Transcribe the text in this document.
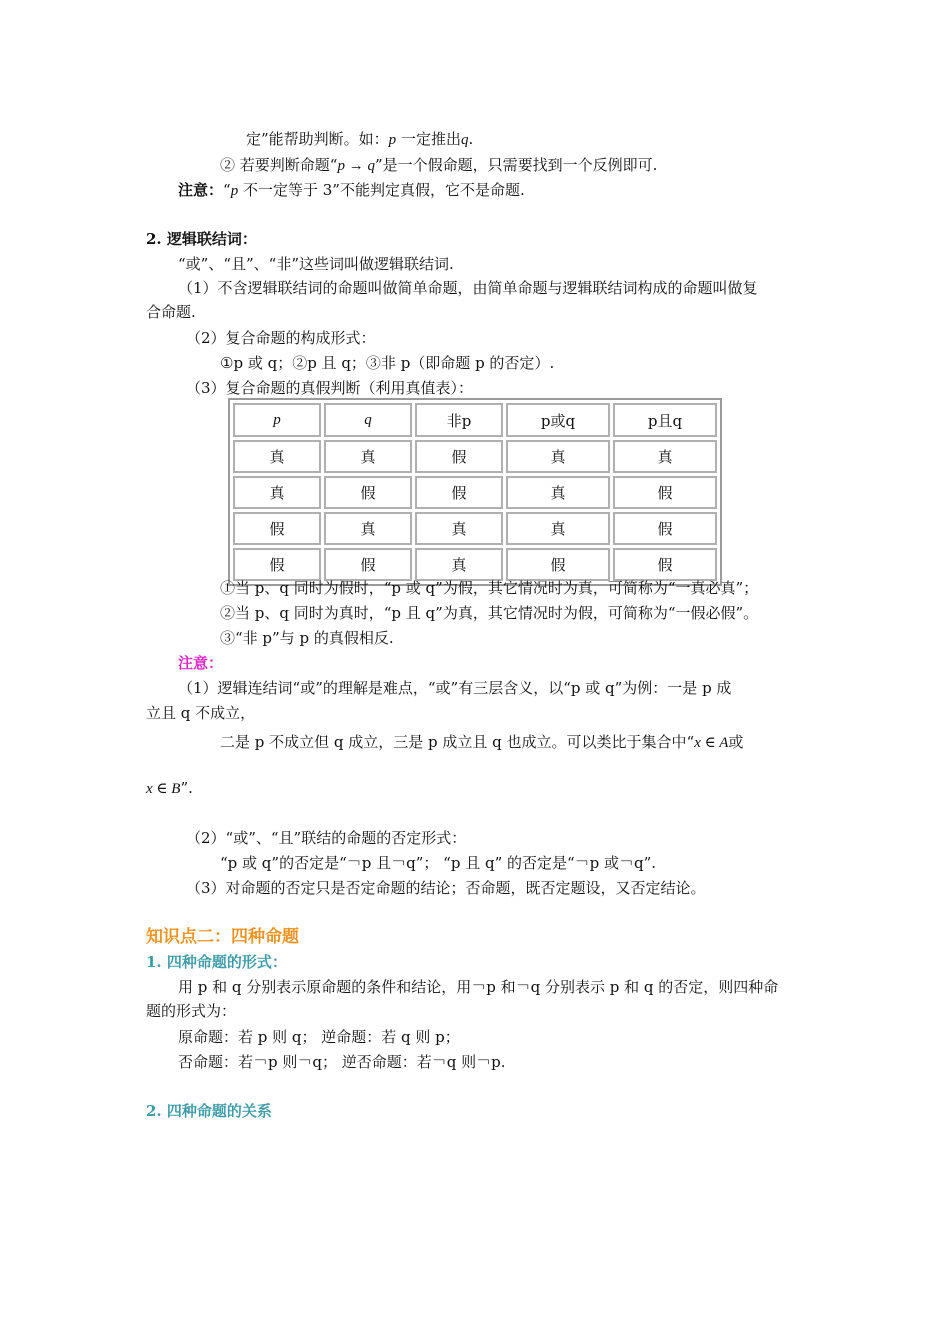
定”能帮助判断。如：p 一定推出q.
② 若要判断命题“p → q”是一个假命题，只需要找到一个反例即可.
注意：“p 不一定等于 3”不能判定真假，它不是命题.
2. 逻辑联结词：
“或”、“且”、“非”这些词叫做逻辑联结词.
（1）不含逻辑联结词的命题叫做简单命题，由简单命题与逻辑联结词构成的命题叫做复
合命题.
（2）复合命题的构成形式：
①p 或 q；②p 且 q；③非 p（即命题 p 的否定）.
（3）复合命题的真假判断（利用真值表）：
p	q	非p	p或q	p且q
真	真	假	真	真
真	假	假	真	假
假	真	真	真	假
假	假	真	假	假
①当 p、q 同时为假时，“p 或 q”为假，其它情况时为真，可简称为“一真必真”；
②当 p、q 同时为真时，“p 且 q”为真，其它情况时为假，可简称为“一假必假”。
③“非 p”与 p 的真假相反.
注意：
（1）逻辑连结词“或”的理解是难点，“或”有三层含义，以“p 或 q”为例：一是 p 成
立且 q 不成立，
二是 p 不成立但 q 成立，三是 p 成立且 q 也成立。可以类比于集合中“x ∈ A或
x ∈ B”.
（2）“或”、“且”联结的命题的否定形式：
“p 或 q”的否定是“￢p 且￢q”； “p 且 q” 的否定是“￢p 或￢q”.
（3）对命题的否定只是否定命题的结论；否命题，既否定题设，又否定结论。
知识点二：四种命题
1. 四种命题的形式：
用 p 和 q 分别表示原命题的条件和结论，用￢p 和￢q 分别表示 p 和 q 的否定，则四种命
题的形式为：
原命题：若 p 则 q； 逆命题：若 q 则 p；
否命题：若￢p 则￢q； 逆否命题：若￢q 则￢p.
2. 四种命题的关系
